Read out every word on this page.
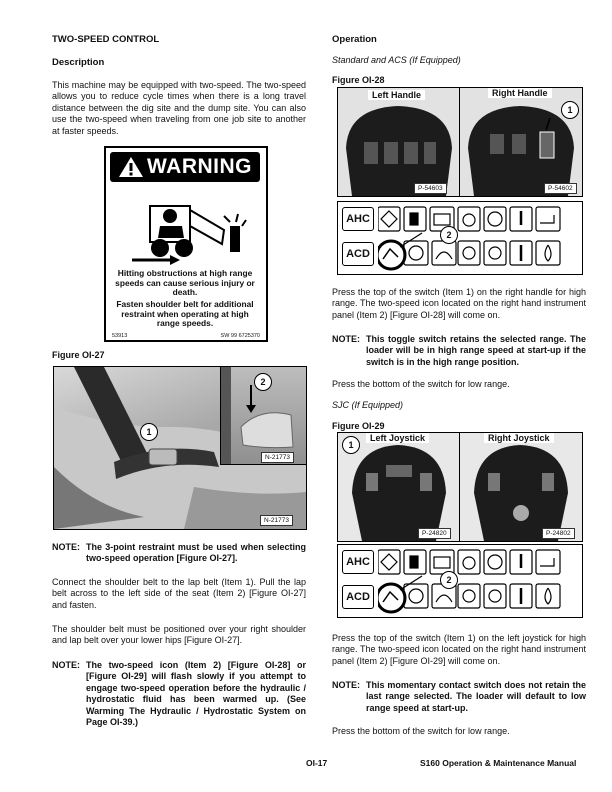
TWO-SPEED CONTROL
Description
This machine may be equipped with two-speed. The two-speed allows you to reduce cycle times when there is a long travel distance between the dig site and the dump site. You can also use the two-speed when traveling from one job site to another at faster speeds.
WARNING
Hitting obstructions at high range speeds can cause serious injury or death.
Fasten shoulder belt for additional restraint when operating at high range speeds.
53913	SW 99 6725370
Figure OI-27
N-21773
N-21773
1
2
NOTE: The 3-point restraint must be used when selecting two-speed operation [Figure OI-27].
Connect the shoulder belt to the lap belt (Item 1). Pull the lap belt across to the left side of the seat (Item 2) [Figure OI-27] and fasten.
The shoulder belt must be positioned over your right shoulder and lap belt over your lower hips [Figure OI-27].
NOTE: The two-speed icon (Item 2) [Figure OI-28] or [Figure OI-29] will flash slowly if you attempt to engage two-speed operation before the hydraulic / hydrostatic fluid has been warmed up. (See Warming The Hydraulic / Hydrostatic System on Page OI-39.)
Operation
Standard and ACS (If Equipped)
Figure OI-28
Left Handle
P-54603
Right Handle
P-54602
1
AHC
ACD
2
Press the top of the switch (Item 1) on the right handle for high range. The two-speed icon located on the right hand instrument panel (Item 2) [Figure OI-28] will come on.
NOTE: This toggle switch retains the selected range. The loader will be in high range speed at start-up if the switch is in the high range position.
Press the bottom of the switch for low range.
SJC (If Equipped)
Figure OI-29
Left Joystick
P-24820
1
Right Joystick
P-24802
AHC
ACD
2
Press the top of the switch (Item 1) on the left joystick for high range. The two-speed icon located on the right hand instrument panel (Item 2) [Figure OI-29] will come on.
NOTE: This momentary contact switch does not retain the last range selected. The loader will default to low range speed at start-up.
Press the bottom of the switch for low range.
OI-17	S160 Operation & Maintenance Manual
